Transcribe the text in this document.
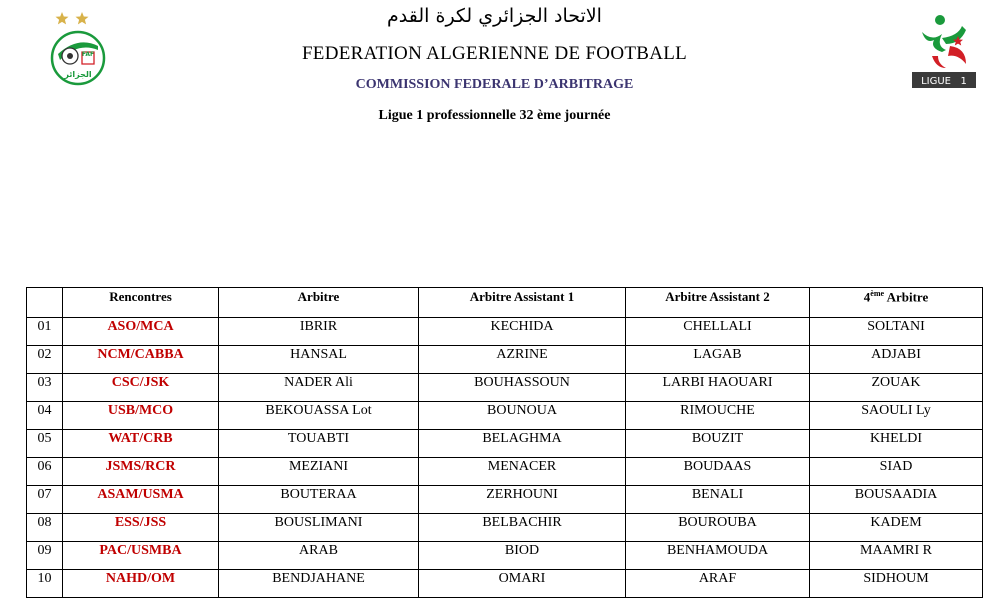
FAF
الجزائر
LIGUE   1
الاتحاد الجزائري لكرة القدم
FEDERATION ALGERIENNE DE FOOTBALL
COMMISSION FEDERALE D’ARBITRAGE
Ligue 1 professionnelle 32 ème journée
	Rencontres	Arbitre	Arbitre Assistant 1	Arbitre Assistant 2	4ème Arbitre
01	ASO/MCA	IBRIR	KECHIDA	CHELLALI	SOLTANI
02	NCM/CABBA	HANSAL	AZRINE	LAGAB	ADJABI
03	CSC/JSK	NADER Ali	BOUHASSOUN	LARBI HAOUARI	ZOUAK
04	USB/MCO	BEKOUASSA Lot	BOUNOUA	RIMOUCHE	SAOULI Ly
05	WAT/CRB	TOUABTI	BELAGHMA	BOUZIT	KHELDI
06	JSMS/RCR	MEZIANI	MENACER	BOUDAAS	SIAD
07	ASAM/USMA	BOUTERAA	ZERHOUNI	BENALI	BOUSAADIA
08	ESS/JSS	BOUSLIMANI	BELBACHIR	BOUROUBA	KADEM
09	PAC/USMBA	ARAB	BIOD	BENHAMOUDA	MAAMRI R
10	NAHD/OM	BENDJAHANE	OMARI	ARAF	SIDHOUM
